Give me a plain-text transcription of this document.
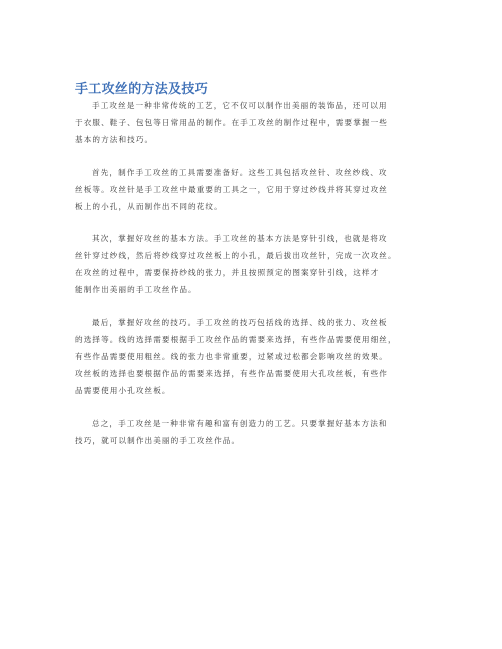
手工攻丝的方法及技巧
手工攻丝是一种非常传统的工艺，它不仅可以制作出美丽的装饰品，还可以用
于衣服、鞋子、包包等日常用品的制作。在手工攻丝的制作过程中，需要掌握一些
基本的方法和技巧。
首先，制作手工攻丝的工具需要准备好。这些工具包括攻丝针、攻丝纱线、攻
丝板等。攻丝针是手工攻丝中最重要的工具之一，它用于穿过纱线并将其穿过攻丝
板上的小孔，从而制作出不同的花纹。
其次，掌握好攻丝的基本方法。手工攻丝的基本方法是穿针引线，也就是将攻
丝针穿过纱线，然后将纱线穿过攻丝板上的小孔，最后拔出攻丝针，完成一次攻丝。
在攻丝的过程中，需要保持纱线的张力，并且按照预定的图案穿针引线，这样才
能制作出美丽的手工攻丝作品。
最后，掌握好攻丝的技巧。手工攻丝的技巧包括线的选择、线的张力、攻丝板
的选择等。线的选择需要根据手工攻丝作品的需要来选择，有些作品需要使用细丝，
有些作品需要使用粗丝。线的张力也非常重要，过紧或过松都会影响攻丝的效果。
攻丝板的选择也要根据作品的需要来选择，有些作品需要使用大孔攻丝板，有些作
品需要使用小孔攻丝板。
总之，手工攻丝是一种非常有趣和富有创造力的工艺。只要掌握好基本方法和
技巧，就可以制作出美丽的手工攻丝作品。
